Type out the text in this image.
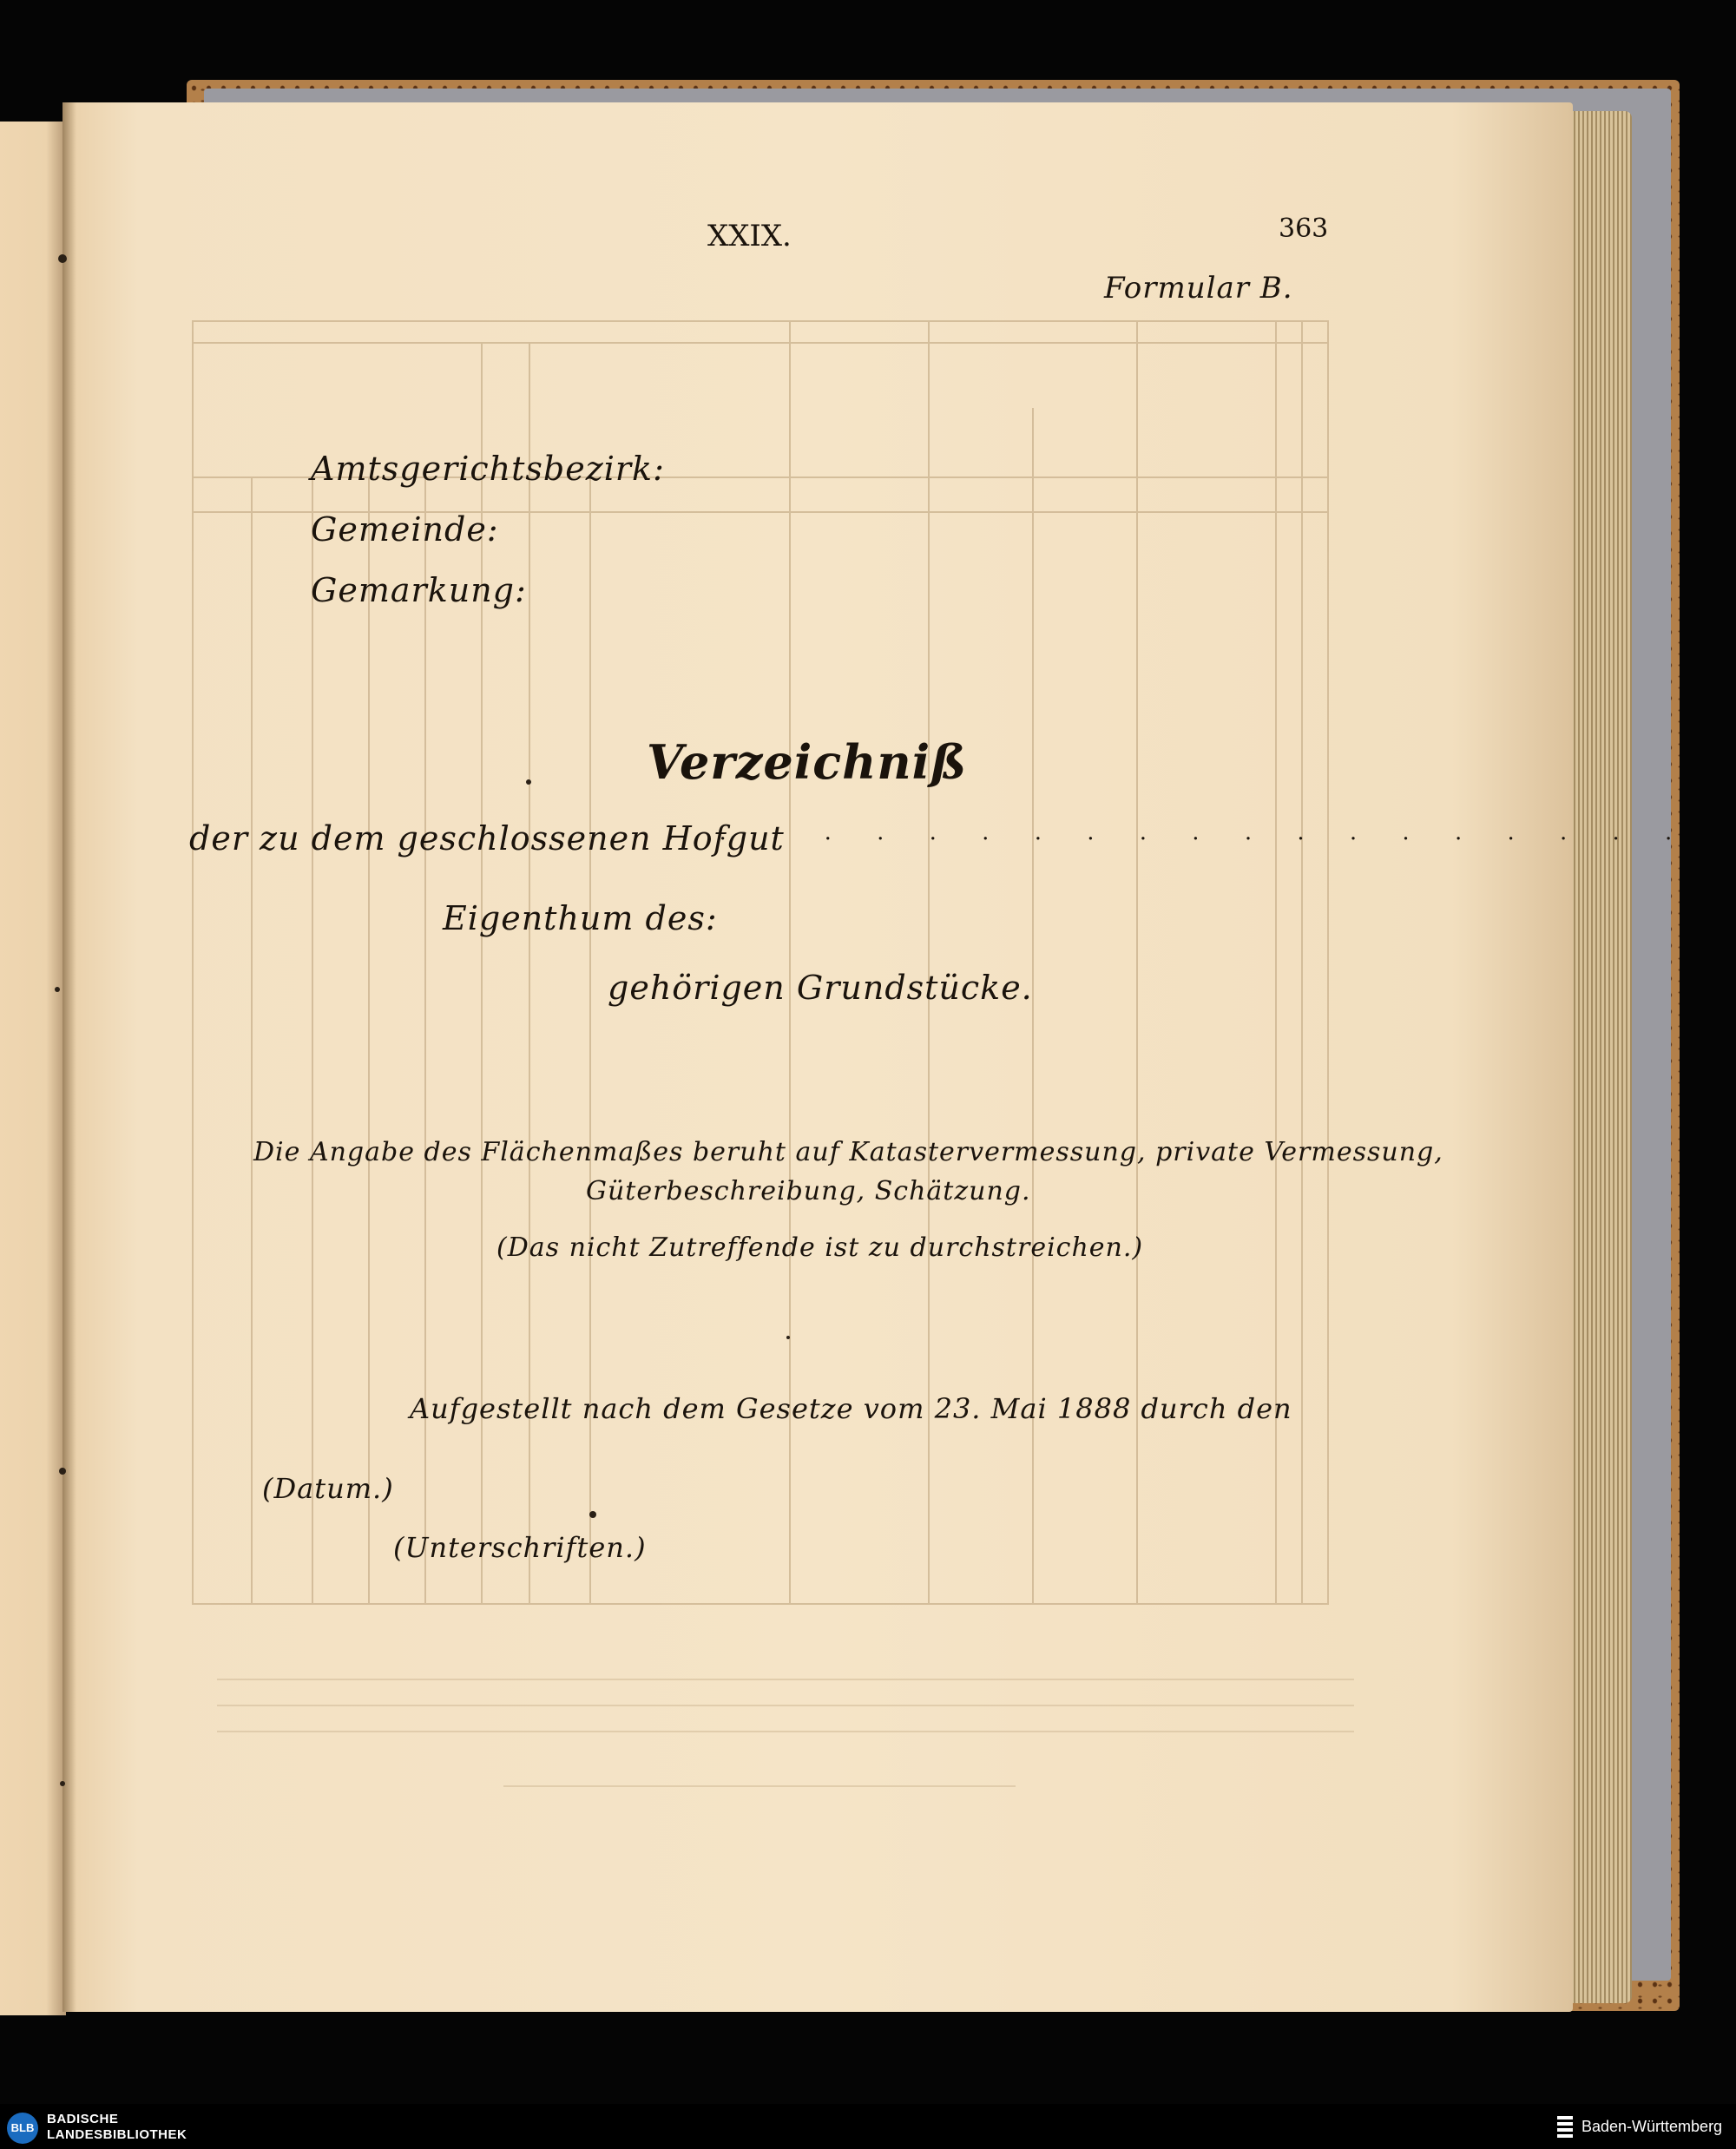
XXIX.	363
Formular B.
Amtsgerichtsbezirk:
Gemeinde:
Gemarkung:
Verzeichniß
der zu dem geschlossenen Hofgut
. . . . . . . . . . . . . . . . . . . .
Eigenthum des:
gehörigen Grundstücke.
Die Angabe des Flächenmaßes beruht auf Katastervermessung, private Vermessung,
Güterbeschreibung, Schätzung.
(Das nicht Zutreffende ist zu durchstreichen.)
Aufgestellt nach dem Gesetze vom 23. Mai 1888 durch den
(Datum.)
(Unterschriften.)
BLB
BADISCHE
LANDESBIBLIOTHEK	Baden-Württemberg
